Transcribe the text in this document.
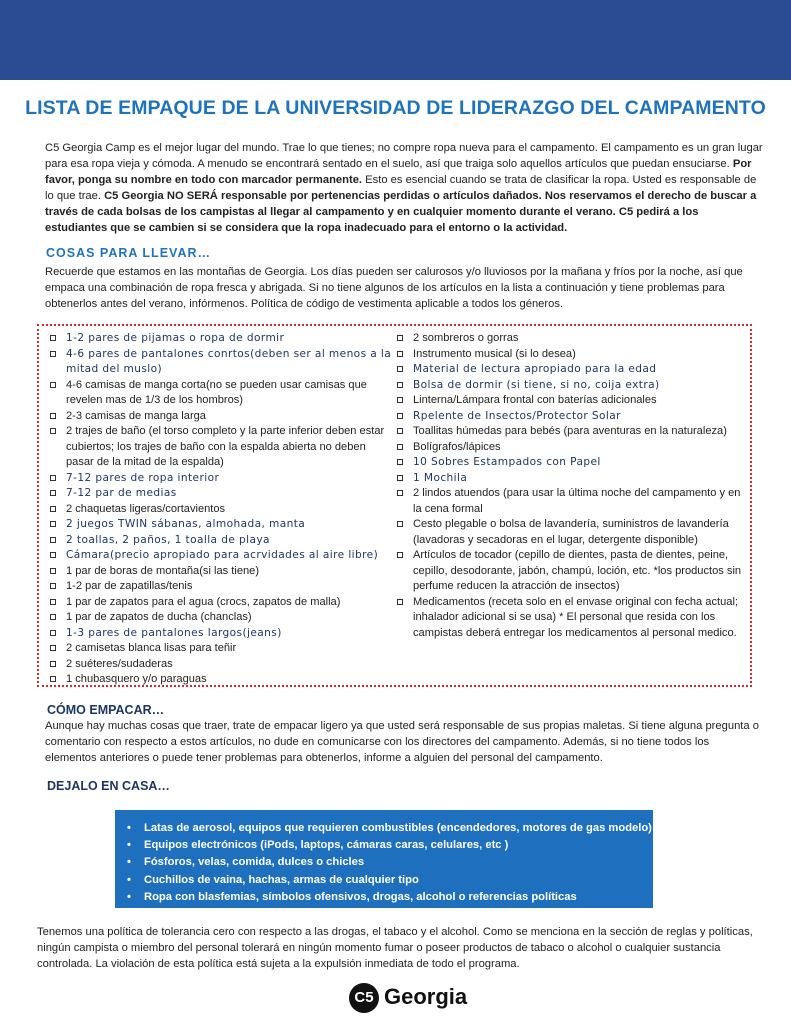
LISTA DE EMPAQUE DE LA UNIVERSIDAD DE LIDERAZGO DEL CAMPAMENTO
C5 Georgia Camp es el mejor lugar del mundo. Trae lo que tienes; no compre ropa nueva para el campamento. El campamento es un gran lugar para esa ropa vieja y cómoda. A menudo se encontrará sentado en el suelo, así que traiga solo aquellos artículos que puedan ensuciarse. Por favor, ponga su nombre en todo con marcador permanente. Esto es esencial cuando se trata de clasificar la ropa. Usted es responsable de lo que trae. C5 Georgia NO SERÁ responsable por pertenencias perdidas o artículos dañados. Nos reservamos el derecho de buscar a través de cada bolsas de los campistas al llegar al campamento y en cualquier momento durante el verano. C5 pedirá a los estudiantes que se cambien si se considera que la ropa inadecuado para el entorno o la actividad.
COSAS PARA LLEVAR…
Recuerde que estamos en las montañas de Georgia. Los días pueden ser calurosos y/o lluviosos por la mañana y fríos por la noche, así que empaca una combinación de ropa fresca y abrigada. Si no tiene algunos de los artículos en la lista a continuación y tiene problemas para obtenerlos antes del verano, infórmenos. Política de código de vestimenta aplicable a todos los géneros.
1-2 pares de pijamas o ropa de dormir
4-6 pares de pantalones conrtos(deben ser al menos a la mitad del muslo)
4-6 camisas de manga corta(no se pueden usar camisas que revelen mas de 1/3 de los hombros)
2-3 camisas de manga larga
2 trajes de baño (el torso completo y la parte inferior deben estar cubiertos; los trajes de baño con la espalda abierta no deben pasar de la mitad de la espalda)
7-12 pares de ropa interior
7-12 par de medias
2 chaquetas ligeras/cortavientos
2 juegos TWIN sábanas, almohada, manta
2 toallas, 2 paños, 1 toalla de playa
Cámara(precio apropiado para acrvidades al aire libre)
1 par de boras de montaña(si las tiene)
1-2 par de zapatillas/tenis
1 par de zapatos para el agua (crocs, zapatos de malla)
1 par de zapatos de ducha (chanclas)
1-3 pares de pantalones largos(jeans)
2 camisetas blanca lisas para teñir
2 suéteres/sudaderas
1 chubasquero y/o paraguas
2 sombreros o gorras
Instrumento musical (si lo desea)
Material de lectura apropiado para la edad
Bolsa de dormir (si tiene, si no, coija extra)
Linterna/Lámpara frontal con baterías adicionales
Rpelente de Insectos/Protector Solar
Toallitas húmedas para bebés (para aventuras en la naturaleza)
Bolígrafos/lápices
10 Sobres Estampados con Papel
1 Mochila
2 lindos atuendos (para usar la última noche del campamento y en la cena formal
Cesto plegable o bolsa de lavandería, suministros de lavandería (lavadoras y secadoras en el lugar, detergente disponible)
Artículos de tocador (cepillo de dientes, pasta de dientes, peine, cepillo, desodorante, jabón, champú, loción, etc. *los productos sin perfume reducen la atracción de insectos)
Medicamentos (receta solo en el envase original con fecha actual; inhalador adicional si se usa) * El personal que resida con los campistas deberá entregar los medicamentos al personal medico.
CÓMO EMPACAR…
Aunque hay muchas cosas que traer, trate de empacar ligero ya que usted será responsable de sus propias maletas. Si tiene alguna pregunta o comentario con respecto a estos artículos, no dude en comunicarse con los directores del campamento. Además, si no tiene todos los elementos anteriores o puede tener problemas para obtenerlos, informe a alguien del personal del campamento.
DEJALO EN CASA…
• Latas de aerosol, equipos que requieren combustibles (encendedores, motores de gas modelo)
• Equipos electrónicos (iPods, laptops, cámaras caras, celulares, etc )
• Fósforos, velas, comida, dulces o chicles
• Cuchillos de vaina, hachas, armas de cualquier tipo
• Ropa con blasfemias, símbolos ofensivos, drogas, alcohol o referencias políticas
Tenemos una política de tolerancia cero con respecto a las drogas, el tabaco y el alcohol. Como se menciona en la sección de reglas y políticas, ningún campista o miembro del personal tolerará en ningún momento fumar o poseer productos de tabaco o alcohol o cualquier sustancia controlada. La violación de esta política está sujeta a la expulsión inmediata de todo el programa.
C5 Georgia
